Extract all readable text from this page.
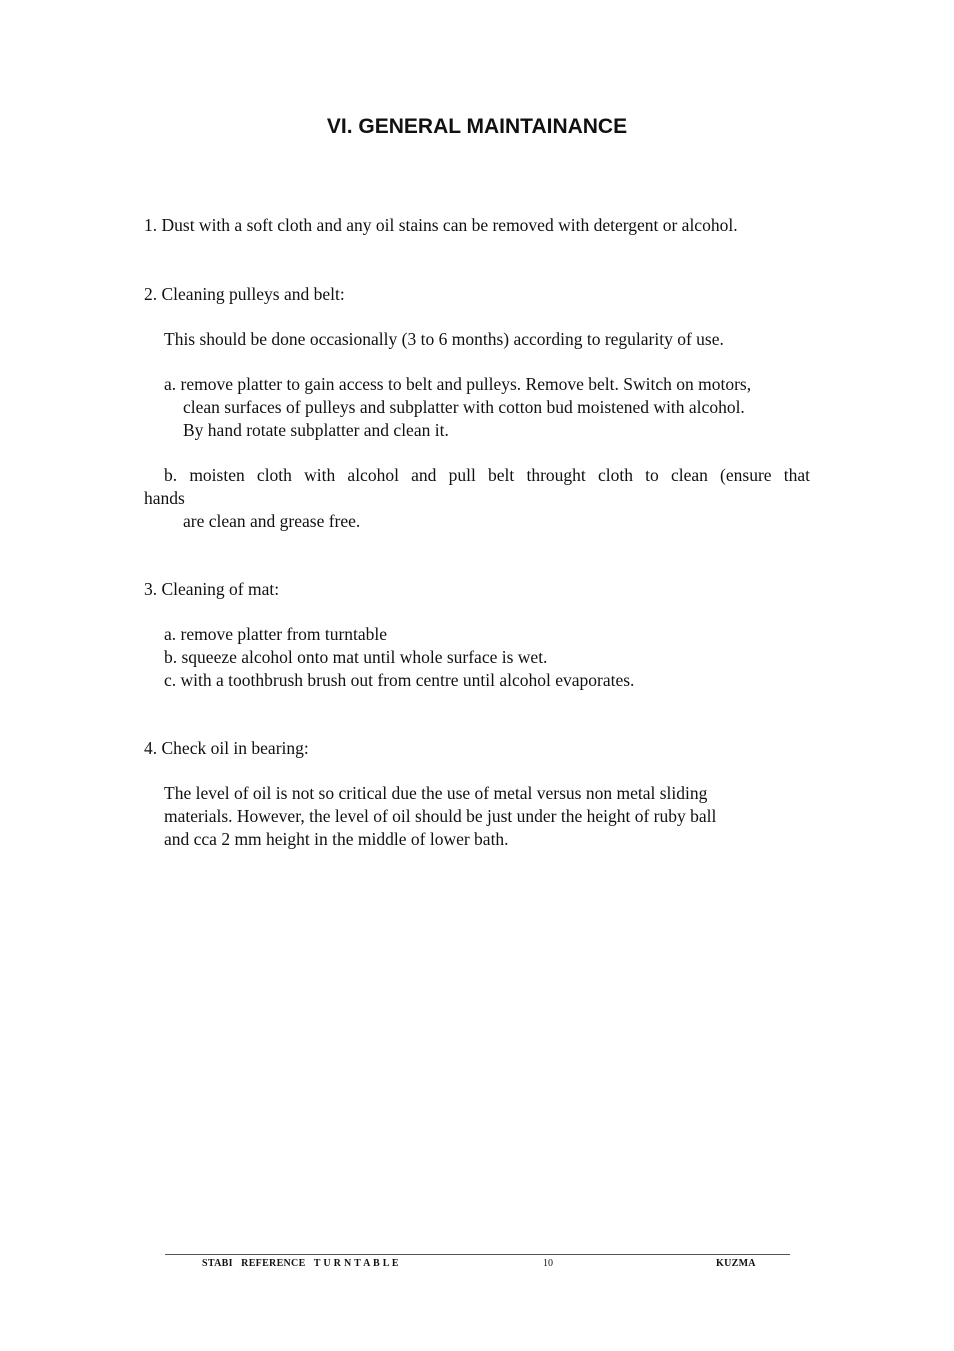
VI. GENERAL MAINTAINANCE
1. Dust with a soft cloth and any oil stains can be removed with detergent or alcohol.
2. Cleaning pulleys and belt:
This should be done occasionally (3 to 6 months) according to regularity of use.
a. remove platter to gain access to belt and pulleys. Remove belt. Switch on motors,
clean surfaces of pulleys and subplatter with cotton bud moistened with alcohol.
By hand rotate subplatter and clean it.
b. moisten cloth with alcohol and pull belt throught cloth to clean (ensure that
hands
are clean and grease free.
3. Cleaning of mat:
a. remove platter from turntable
b. squeeze alcohol onto mat until whole surface is wet.
c. with a toothbrush brush out from centre until alcohol evaporates.
4. Check oil in bearing:
The level of oil is not so critical due the use of metal versus non metal sliding
materials. However, the level of oil should be just under the height of ruby ball
and cca 2 mm height in the middle of lower bath.
STABI   REFERENCE   T U R N T A B L E	10	KUZMA
